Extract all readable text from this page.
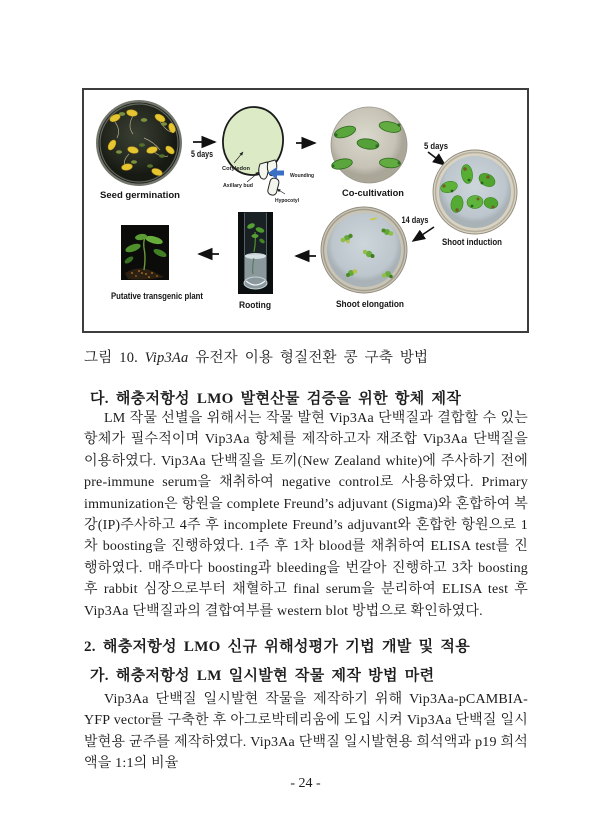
Seed germination
5 days
Cotyledon
Axillary bud
Wounding
Hypocotyl
Co-cultivation
5 days
Shoot induction
14 days
Shoot elongation
Rooting
Putative transgenic plant
그림 10. Vip3Aa 유전자 이용 형질전환 콩 구축 방법
다. 해충저항성 LMO 발현산물 검증을 위한 항체 제작
LM 작물 선별을 위해서는 작물 발현 Vip3Aa 단백질과 결합할 수 있는 항체가 필수적이며 Vip3Aa 항체를 제작하고자 재조합 Vip3Aa 단백질을 이용하였다. Vip3Aa 단백질을 토끼(New Zealand white)에 주사하기 전에 pre-immune serum을 채취하여 negative control로 사용하였다. Primary immunization은 항원을 complete Freund’s adjuvant (Sigma)와 혼합하여 복강(IP)주사하고 4주 후 incomplete Freund’s adjuvant와 혼합한 항원으로 1차 boosting을 진행하였다. 1주 후 1차 blood를 채취하여 ELISA test를 진행하였다. 매주마다 boosting과 bleeding을 번갈아 진행하고 3차 boosting 후 rabbit 심장으로부터 채혈하고 final serum을 분리하여 ELISA test 후 Vip3Aa 단백질과의 결합여부를 western blot 방법으로 확인하였다.
2. 해충저항성 LMO 신규 위해성평가 기법 개발 및 적용
가. 해충저항성 LM 일시발현 작물 제작 방법 마련
Vip3Aa 단백질 일시발현 작물을 제작하기 위해 Vip3Aa-pCAMBIA-YFP vector를 구축한 후 아그로박테리움에 도입 시켜 Vip3Aa 단백질 일시발현용 균주를 제작하였다. Vip3Aa 단백질 일시발현용 희석액과 p19 희석액을 1:1의 비율
- 24 -
